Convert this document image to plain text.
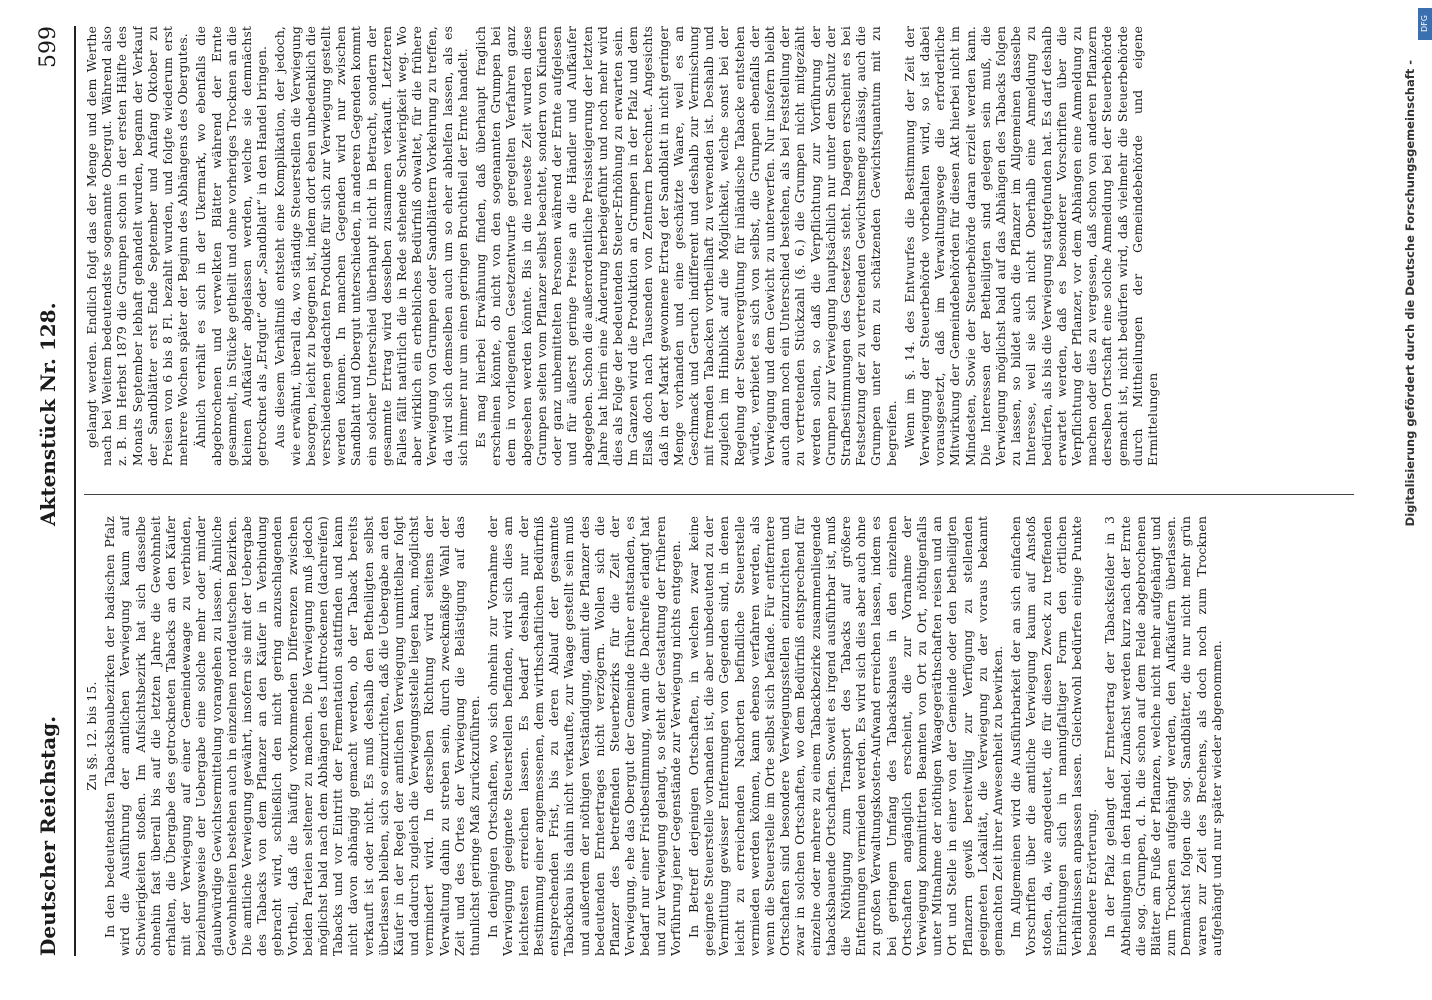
Deutscher Reichstag.
Aktenstück Nr. 128.
599

Zu §§. 12. bis 15. In den bedeutendsten Tabacksbaubezirken der badischen Pfalz wird die Ausführung der amtlichen Verwiegung kaum auf Schwierigkeiten stoßen. Im Aufsichtsbezirk hat sich dasselbe ohnehin fast überall bis auf die letzten Jahre die Gewohnheit erhalten, die Übergabe des getrockneten Tabacks an den Käufer mit der Verwiegung auf einer Gemeindewaage zu verbinden, beziehungsweise der Uebergabe eine solche mehr oder minder glaubwürdige Gewichtsermittelung vorangehen zu lassen. Ähnliche Gewohnheiten bestehen auch in einzelnen norddeutschen Bezirken. Die amtliche Verwiegung gewährt, insofern sie mit der Uebergabe des Tabacks von dem Pflanzer an den Käufer in Verbindung gebracht wird, schließlich den nicht gering anzuschlagenden Vortheil, daß die häufig vorkommenden Differenzen zwischen beiden Parteien seltener zu machen. Die Verwiegung muß jedoch möglichst bald nach dem Abhängen des Lufttrockenen (dachreifen) Tabacks und vor Eintritt der Fermentation stattfinden und kann nicht davon abhängig gemacht werden, ob der Taback bereits verkauft ist oder nicht. Es muß deshalb den Betheiligten selbst überlassen bleiben, sich so einzurichten, daß die Uebergabe an den Käufer in der Regel der amtlichen Verwiegung unmittelbar folgt und dadurch zugleich die Verwiegungsstelle liegen kann, möglichst vermindert wird. In derselben Richtung wird seitens der Verwaltung dahin zu streben sein, durch zweckmäßige Wahl der Zeit und des Ortes der Verwiegung die Belästigung auf das thunlichst geringe Maß zurückzuführen. In denjenigen Ortschaften, wo sich ohnehin zur Vornahme der Verwiegung geeignete Steuerstellen befinden, wird sich dies am leichtesten erreichen lassen. Es bedarf deshalb nur der Bestimmung einer angemessenen, dem wirthschaftlichen Bedürfniß entsprechenden Frist, bis zu deren Ablauf der gesammte Tabackbau bis dahin nicht verkaufte, zur Waage gestellt sein muß und außerdem der nöthigen Verständigung, damit die Pflanzer des bedeutenden Ernteertrages nicht verzögern. Wollen sich die Pflanzer des betreffenden Steuerbezirks für die Zeit der Verwiegung, ehe das Obergut der Gemeinde früher entstanden, es bedarf nur einer Fristbestimmung, wann die Dachreife erlangt hat und zur Verwiegung gelangt, so steht der Gestattung der früheren Vorführung jener Gegenstände zur Verwiegung nichts entgegen. In Betreff derjenigen Ortschaften, in welchen zwar keine geeignete Steuerstelle vorhanden ist, die aber unbedeutend zu der Vermittlung gewisser Entfernungen von Gegenden sind, in denen leicht zu erreichenden Nachorten befindliche Steuerstelle vermieden werden können, kann ebenso verfahren werden, als wenn die Steuerstelle im Orte selbst sich befände. Für entferntere Ortschaften sind besondere Verwiegungsstellen einzurichten und zwar in solchen Ortschaften, wo dem Bedürfniß entsprechend für einzelne oder mehrere zu einem Tabackbezirke zusammenliegende tabacksbauende Ortschaften. Soweit es irgend ausführbar ist, muß die Nöthigung zum Transport des Tabacks auf größere Entfernungen vermieden werden. Es wird sich dies aber auch ohne zu großen Verwaltungskosten-Aufwand erreichen lassen, indem es bei geringem Umfang des Tabacksbaues in den einzelnen Ortschaften angänglich erscheint, die zur Vornahme der Verwiegung kommittirten Beamten von Ort zu Ort, nöthigenfalls unter Mitnahme der nöthigen Waagegeräthschaften reisen und an Ort und Stelle in einer von der Gemeinde oder den betheiligten Pflanzern gewiß bereitwillig zur Verfügung zu stellenden geeigneten Lokalität, die Verwiegung zu der voraus bekannt gemachten Zeit ihrer Anwesenheit zu bewirken. Im Allgemeinen wird die Ausführbarkeit der an sich einfachen Vorschriften über die amtliche Verwiegung kaum auf Anstoß stoßen, da, wie angedeutet, die für diesen Zweck zu treffenden Einrichtungen sich in mannigfaltiger Form den örtlichen Verhältnissen anpassen lassen. Gleichwohl bedürfen einige Punkte besondere Erörterung. In der Pfalz gelangt der Ernteertrag der Tabacksfelder in 3 Abtheilungen in den Handel. Zunächst werden kurz nach der Ernte die sog. Grumpen, d. h. die schon auf dem Felde abgebrochenen Blätter am Fuße der Pflanzen, welche nicht mehr aufgehängt und zum Trocknen aufgehängt werden, den Aufkäufern überlassen. Demnächst folgen die sog. Sandblätter, die nur nicht mehr grün waren zur Zeit des Brechens, als doch noch zum Trocknen aufgehängt und nur später wieder abgenommen.

gelangt werden. Endlich folgt das der Menge und dem Werthe nach bei Weitem bedeutendste sogenannte Obergut. Während also z. B. im Herbst 1879 die Grumpen schon in der ersten Hälfte des Monats September lebhaft gehandelt wurden, begann der Verkauf der Sandblätter erst Ende September und Anfang Oktober zu Preisen von 6 bis 8 Fl. bezahlt wurden, und folgte wiederum erst mehrere Wochen später der Beginn des Abhängens des Obergutes. Ähnlich verhält es sich in der Ukermark, wo ebenfalls die abgebrochenen und verwelkten Blätter während der Ernte gesammelt, in Stücke getheilt und ohne vorheriges Trocknen an die kleinen Aufkäufer abgelassen werden, welche sie demnächst getrocknet als „Erdgut“ oder „Sandblatt“ in den Handel bringen. Aus diesem Verhältniß entsteht eine Komplikation, der jedoch, wie erwähnt, überall da, wo ständige Steuerstellen die Verwiegung besorgen, leicht zu begegnen ist, indem dort eben unbedenklich die verschiedenen gedachten Produkte für sich zur Verwiegung gestellt werden können. In manchen Gegenden wird nur zwischen Sandblatt und Obergut unterschieden, in anderen Gegenden kommt ein solcher Unterschied überhaupt nicht in Betracht, sondern der gesammte Ertrag wird desselben zusammen verkauft. Letzteren Falles fällt natürlich die in Rede stehende Schwierigkeit weg. Wo aber wirklich ein erhebliches Bedürfniß obwaltet, für die frühere Verwiegung von Grumpen oder Sandblättern Vorkehrung zu treffen, da wird sich demselben auch um so eher abhelfen lassen, als es sich immer nur um einen geringen Bruchtheil der Ernte handelt. Es mag hierbei Erwähnung finden, daß überhaupt fraglich erscheinen könnte, ob nicht von den sogenannten Grumpen bei dem in vorliegenden Gesetzentwurfe geregelten Verfahren ganz abgesehen werden könnte. Bis in die neueste Zeit wurden diese Grumpen selten vom Pflanzer selbst beachtet, sondern von Kindern oder ganz unbemittelten Personen während der Ernte aufgelesen und für äußerst geringe Preise an die Händler und Aufkäufer abgegeben. Schon die außerordentliche Preissteigerung der letzten Jahre hat hierin eine Änderung herbeigeführt und noch mehr wird dies als Folge der bedeutenden Steuer-Erhöhung zu erwarten sein. Im Ganzen wird die Produktion an Grumpen in der Pfalz und dem Elsaß doch nach Tausenden von Zentnern berechnet. Angesichts daß in der Markt gewonnene Ertrag der Sandblatt in nicht geringer Menge vorhanden und eine geschätzte Waare, weil es an Geschmack und Geruch indifferent und deshalb zur Vermischung mit fremden Tabacken vortheilhaft zu verwenden ist. Deshalb und zugleich im Hinblick auf die Möglichkeit, welche sonst bei der Regelung der Steuervergütung für inländische Tabacke entstehen würde, verbietet es sich von selbst, die Grumpen ebenfalls der Verwiegung und dem Gewicht zu unterwerfen. Nur insofern bleibt auch dann noch ein Unterschied bestehen, als bei Feststellung der zu vertretenden Stückzahl (§. 6.) die Grumpen nicht mitgezählt werden sollen, so daß die Verpflichtung zur Vorführung der Grumpen zur Verwiegung hauptsächlich nur unter dem Schutz der Strafbestimmungen des Gesetzes steht. Dagegen erscheint es bei Festsetzung der zu vertretenden Gewichtsmenge zulässig, auch die Grumpen unter dem zu schätzenden Gewichtsquantum mit zu begreifen. Wenn im §. 14. des Entwurfes die Bestimmung der Zeit der Verwiegung der Steuerbehörde vorbehalten wird, so ist dabei vorausgesetzt, daß im Verwaltungswege die erforderliche Mitwirkung der Gemeindebehörden für diesen Akt hierbei nicht im Mindesten, Sowie der Steuerbehörde daran erzielt werden kann. Die Interessen der Betheiligten sind gelegen sein muß, die Verwiegung möglichst bald auf das Abhängen des Tabacks folgen zu lassen, so bildet auch die Pflanzer im Allgemeinen dasselbe Interesse, weil sie sich nicht Oberhalb eine Anmeldung zu bedürfen, als bis die Verwiegung stattgefunden hat. Es darf deshalb erwartet werden, daß es besonderer Vorschriften über die Verpflichtung der Pflanzer, vor dem Abhängen eine Anmeldung zu machen oder dies zu vergessen, daß schon von anderen Pflanzern derselben Ortschaft eine solche Anmeldung bei der Steuerbehörde gemacht ist, nicht bedürfen wird, daß vielmehr die Steuerbehörde durch Mittheilungen der Gemeindebehörde und eigene Ermittelungen	Digitalisierung gefördert durch die Deutsche Forschungsgemeinschaft -
DFG
